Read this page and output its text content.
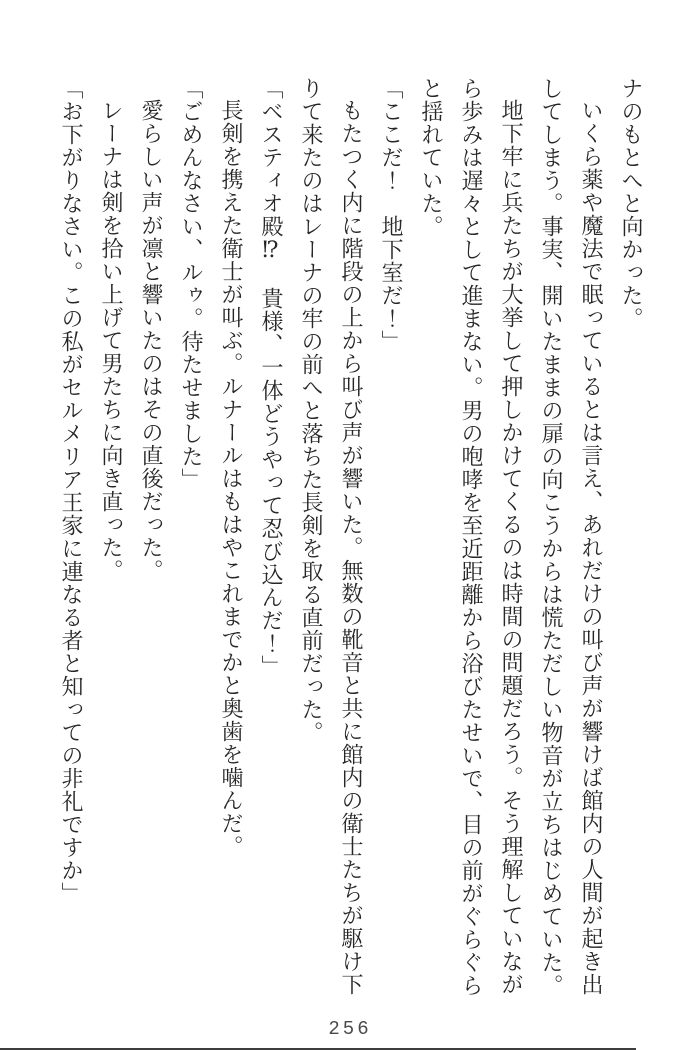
ナのもとへと向かった。

いくら薬や魔法で眠っているとは言え、あれだけの叫び声が響けば館内の人間が起き出してしまう。事実、開いたままの扉の向こうからは慌ただしい物音が立ちはじめていた。

地下牢に兵たちが大挙して押しかけてくるのは時間の問題だろう。そう理解していながら歩みは遅々として進まない。男の咆哮を至近距離から浴びたせいで、目の前がぐらぐらと揺れていた。

「ここだ！　地下室だ！」

もたつく内に階段の上から叫び声が響いた。無数の靴音と共に館内の衛士たちが駆け下りて来たのはレーナの牢の前へと落ちた長剣を取る直前だった。

「ベスティオ殿⁉　貴様、一体どうやって忍び込んだ！」

長剣を携えた衛士が叫ぶ。ルナールはもはやこれまでかと奥歯を噛んだ。

「ごめんなさい、ルゥ。待たせました」

愛らしい声が凛と響いたのはその直後だった。

レーナは剣を拾い上げて男たちに向き直った。

「お下がりなさい。この私がセルメリア王家に連なる者と知っての非礼ですか」

256
